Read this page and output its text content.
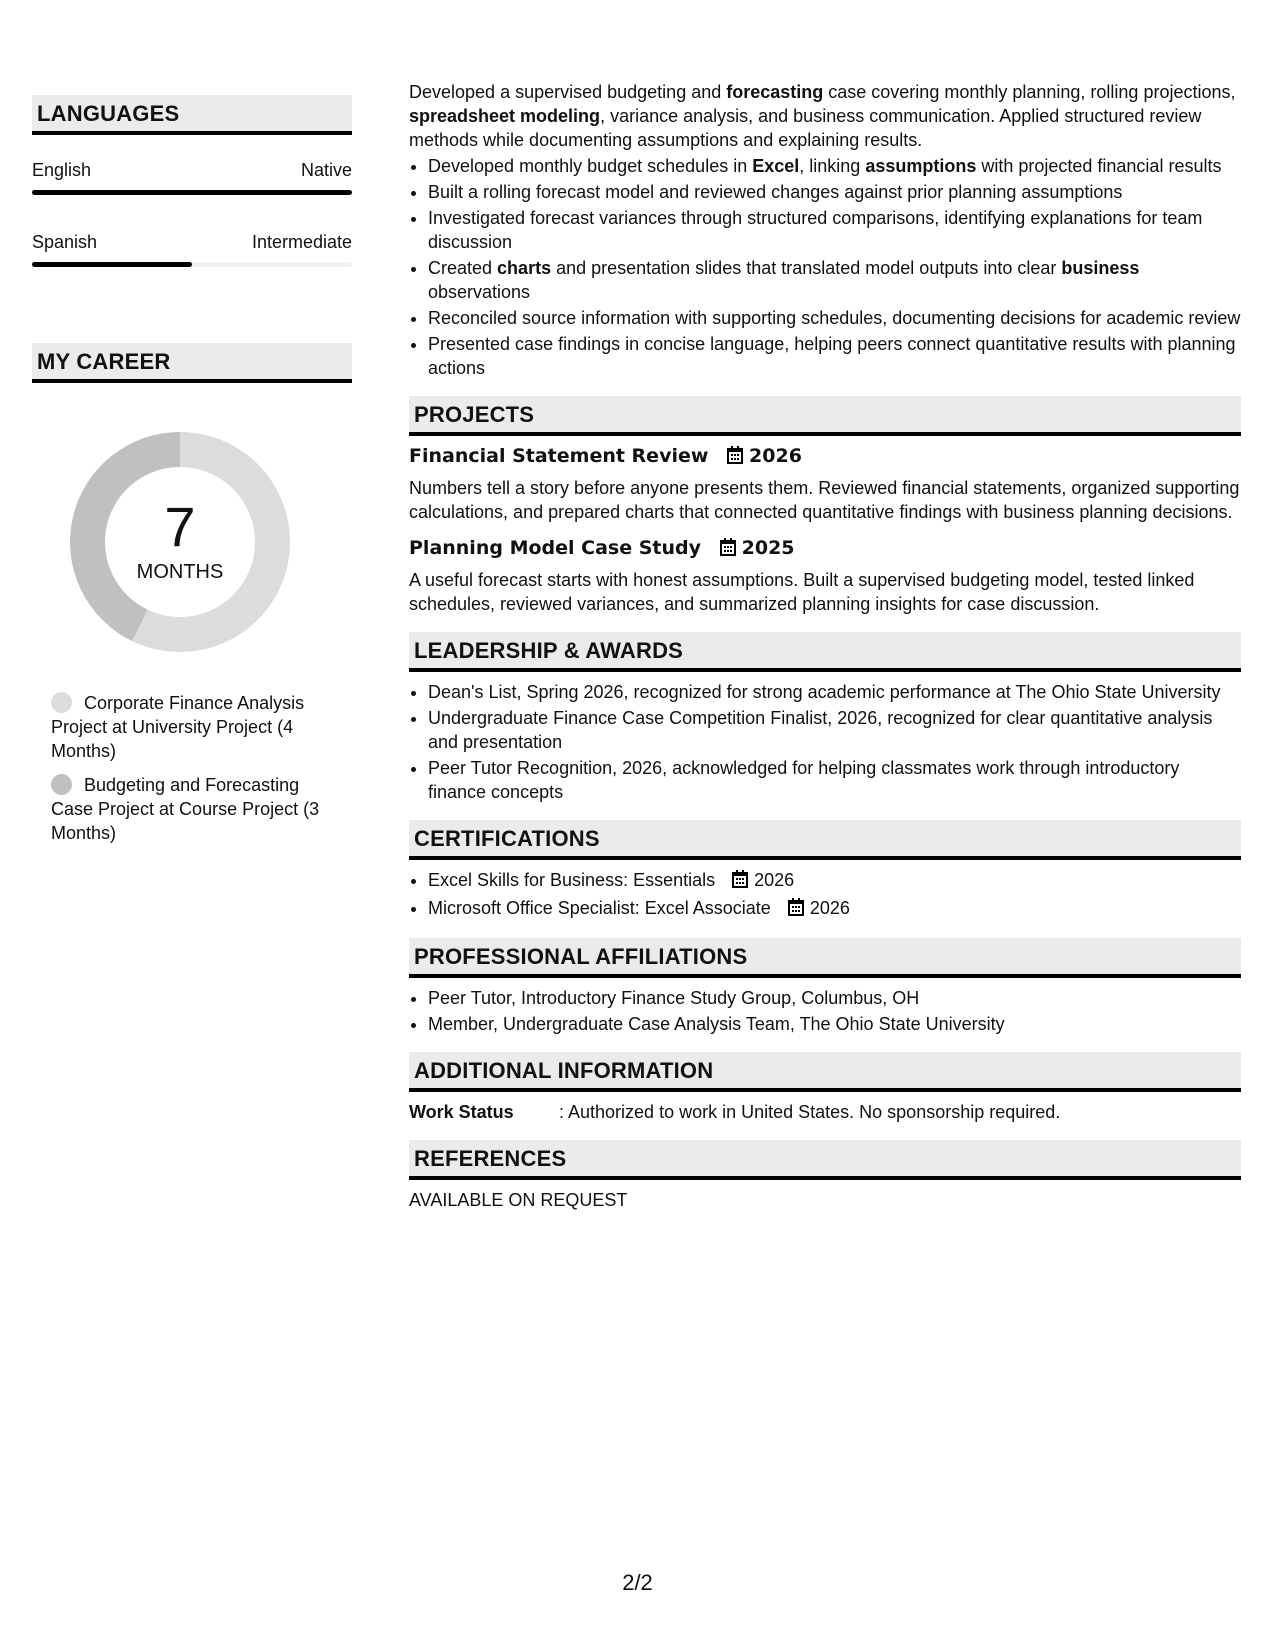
LANGUAGES
English	Native
Spanish	Intermediate
MY CAREER
7
MONTHS
Corporate Finance Analysis Project at University Project (4 Months)
Budgeting and Forecasting Case Project at Course Project (3 Months)

Developed a supervised budgeting and forecasting case covering monthly planning, rolling projections, spreadsheet modeling, variance analysis, and business communication. Applied structured review methods while documenting assumptions and explaining results.

• Developed monthly budget schedules in Excel, linking assumptions with projected financial results
• Built a rolling forecast model and reviewed changes against prior planning assumptions
• Investigated forecast variances through structured comparisons, identifying explanations for team discussion
• Created charts and presentation slides that translated model outputs into clear business observations
• Reconciled source information with supporting schedules, documenting decisions for academic review
• Presented case findings in concise language, helping peers connect quantitative results with planning actions
PROJECTS
Financial Statement Review 2026
Numbers tell a story before anyone presents them. Reviewed financial statements, organized supporting calculations, and prepared charts that connected quantitative findings with business planning decisions.
Planning Model Case Study 2025
A useful forecast starts with honest assumptions. Built a supervised budgeting model, tested linked schedules, reviewed variances, and summarized planning insights for case discussion.
LEADERSHIP & AWARDS
• Dean's List, Spring 2026, recognized for strong academic performance at The Ohio State University
• Undergraduate Finance Case Competition Finalist, 2026, recognized for clear quantitative analysis and presentation
• Peer Tutor Recognition, 2026, acknowledged for helping classmates work through introductory finance concepts
CERTIFICATIONS
• Excel Skills for Business: Essentials 2026
• Microsoft Office Specialist: Excel Associate 2026
PROFESSIONAL AFFILIATIONS
• Peer Tutor, Introductory Finance Study Group, Columbus, OH
• Member, Undergraduate Case Analysis Team, The Ohio State University
ADDITIONAL INFORMATION
Work Status	: Authorized to work in United States. No sponsorship required.
REFERENCES
AVAILABLE ON REQUEST
2/2
